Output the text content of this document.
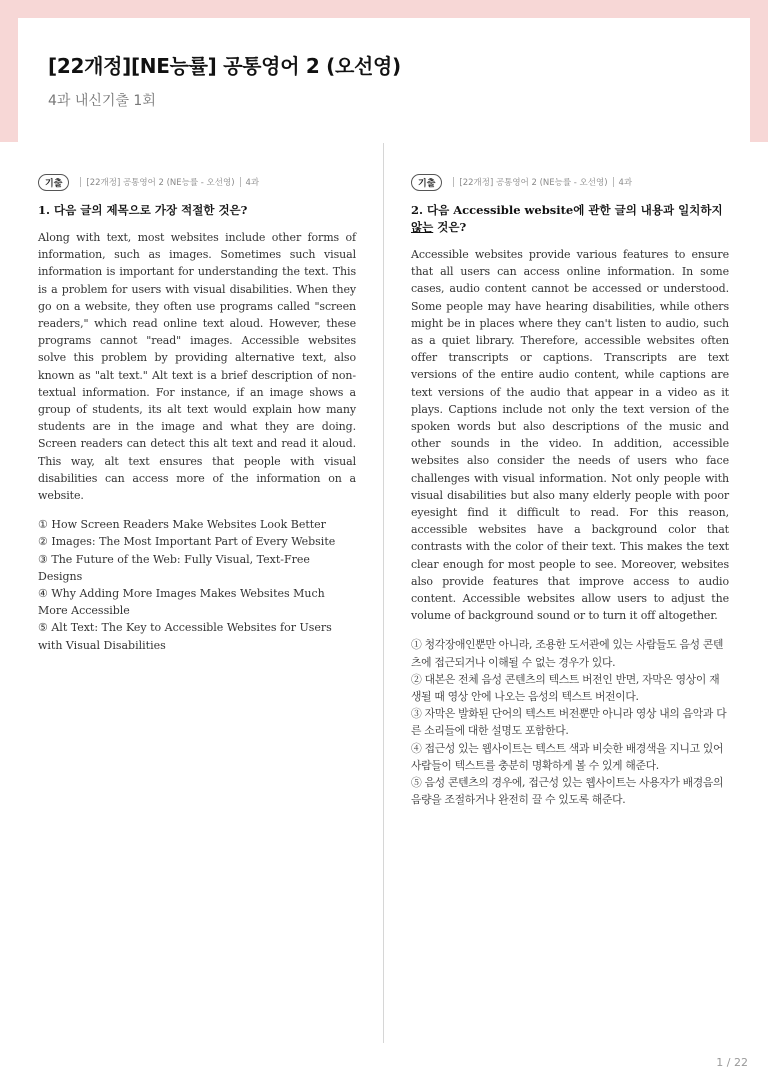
[22개정][NE능률] 공통영어 2 (오선영)
4과 내신기출 1회
기출	[22개정] 공통영어 2 (NE능률 - 오선영) 4과
1. 다음 글의 제목으로 가장 적절한 것은?
Along with text, most websites include other forms of information, such as images. Sometimes such visual information is important for understanding the text. This is a problem for users with visual disabilities. When they go on a website, they often use programs called "screen readers," which read online text aloud. However, these programs cannot "read" images. Accessible websites solve this problem by providing alternative text, also known as "alt text." Alt text is a brief description of non-textual information. For instance, if an image shows a group of students, its alt text would explain how many students are in the image and what they are doing. Screen readers can detect this alt text and read it aloud. This way, alt text ensures that people with visual disabilities can access more of the information on a website.
① How Screen Readers Make Websites Look Better
② Images: The Most Important Part of Every Website
③ The Future of the Web: Fully Visual, Text-Free Designs
④ Why Adding More Images Makes Websites Much More Accessible
⑤ Alt Text: The Key to Accessible Websites for Users with Visual Disabilities
기출	[22개정] 공통영어 2 (NE능률 - 오선영) 4과
2. 다음 Accessible website에 관한 글의 내용과 일치하지 않는 것은?
Accessible websites provide various features to ensure that all users can access online information. In some cases, audio content cannot be accessed or understood. Some people may have hearing disabilities, while others might be in places where they can't listen to audio, such as a quiet library. Therefore, accessible websites often offer transcripts or captions. Transcripts are text versions of the entire audio content, while captions are text versions of the audio that appear in a video as it plays. Captions include not only the text version of the spoken words but also descriptions of the music and other sounds in the video. In addition, accessible websites also consider the needs of users who face challenges with visual information. Not only people with visual disabilities but also many elderly people with poor eyesight find it difficult to read. For this reason, accessible websites have a background color that contrasts with the color of their text. This makes the text clear enough for most people to see. Moreover, websites also provide features that improve access to audio content. Accessible websites allow users to adjust the volume of background sound or to turn it off altogether.
① 청각장애인뿐만 아니라, 조용한 도서관에 있는 사람들도 음성 콘텐츠에 접근되거나 이해될 수 없는 경우가 있다.
② 대본은 전체 음성 콘텐츠의 텍스트 버전인 반면, 자막은 영상이 재생될 때 영상 안에 나오는 음성의 텍스트 버전이다.
③ 자막은 발화된 단어의 텍스트 버전뿐만 아니라 영상 내의 음악과 다른 소리들에 대한 설명도 포함한다.
④ 접근성 있는 웹사이트는 텍스트 색과 비슷한 배경색을 지니고 있어 사람들이 텍스트를 충분히 명확하게 볼 수 있게 해준다.
⑤ 음성 콘텐츠의 경우에, 접근성 있는 웹사이트는 사용자가 배경음의 음량을 조절하거나 완전히 끌 수 있도록 해준다.
1 / 22
